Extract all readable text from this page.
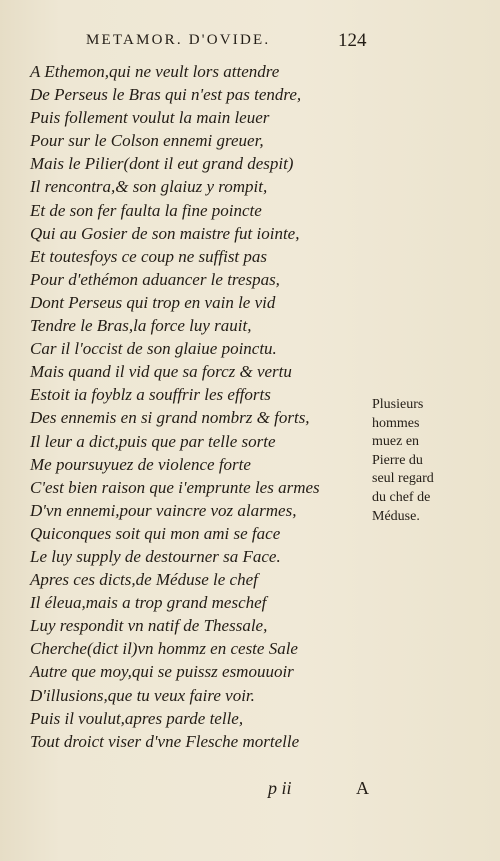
METAMOR. D'OVIDE.	124
A Ethemon,qui ne veult lors attendre
De Perseus le Bras qui n'est pas tendre,
Puis follement voulut la main leuer
Pour sur le Colson ennemi greuer,
Mais le Pilier(dont il eut grand despit)
Il rencontra,& son glaiuz y rompit,
Et de son fer faulta la fine poincte
Qui au Gosier de son maistre fut iointe,
Et toutesfoys ce coup ne suffist pas
Pour d'ethémon aduancer le trespas,
Dont Perseus qui trop en vain le vid
Tendre le Bras,la force luy rauit,
Car il l'occist de son glaiue poinctu.
Mais quand il vid que sa forcz & vertu
Estoit ia foyblz a souffrir les efforts
Des ennemis en si grand nombrz & forts,
Il leur a dict,puis que par telle sorte
Me poursuyuez de violence forte
C'est bien raison que i'emprunte les armes
D'vn ennemi,pour vaincre voz alarmes,
Quiconques soit qui mon ami se face
Le luy supply de destourner sa Face.
Apres ces dicts,de Méduse le chef
Il éleua,mais a trop grand meschef
Luy respondit vn natif de Thessale,
Cherche(dict il)vn hommz en ceste Sale
Autre que moy,qui se puissz esmouuoir
D'illusions,que tu veux faire voir.
Puis il voulut,apres parde telle,
Tout droict viser d'vne Flesche mortelle
Plusieurs
hommes
muez en
Pierre du
seul regard
du chef de
Méduse.
p ii	A
